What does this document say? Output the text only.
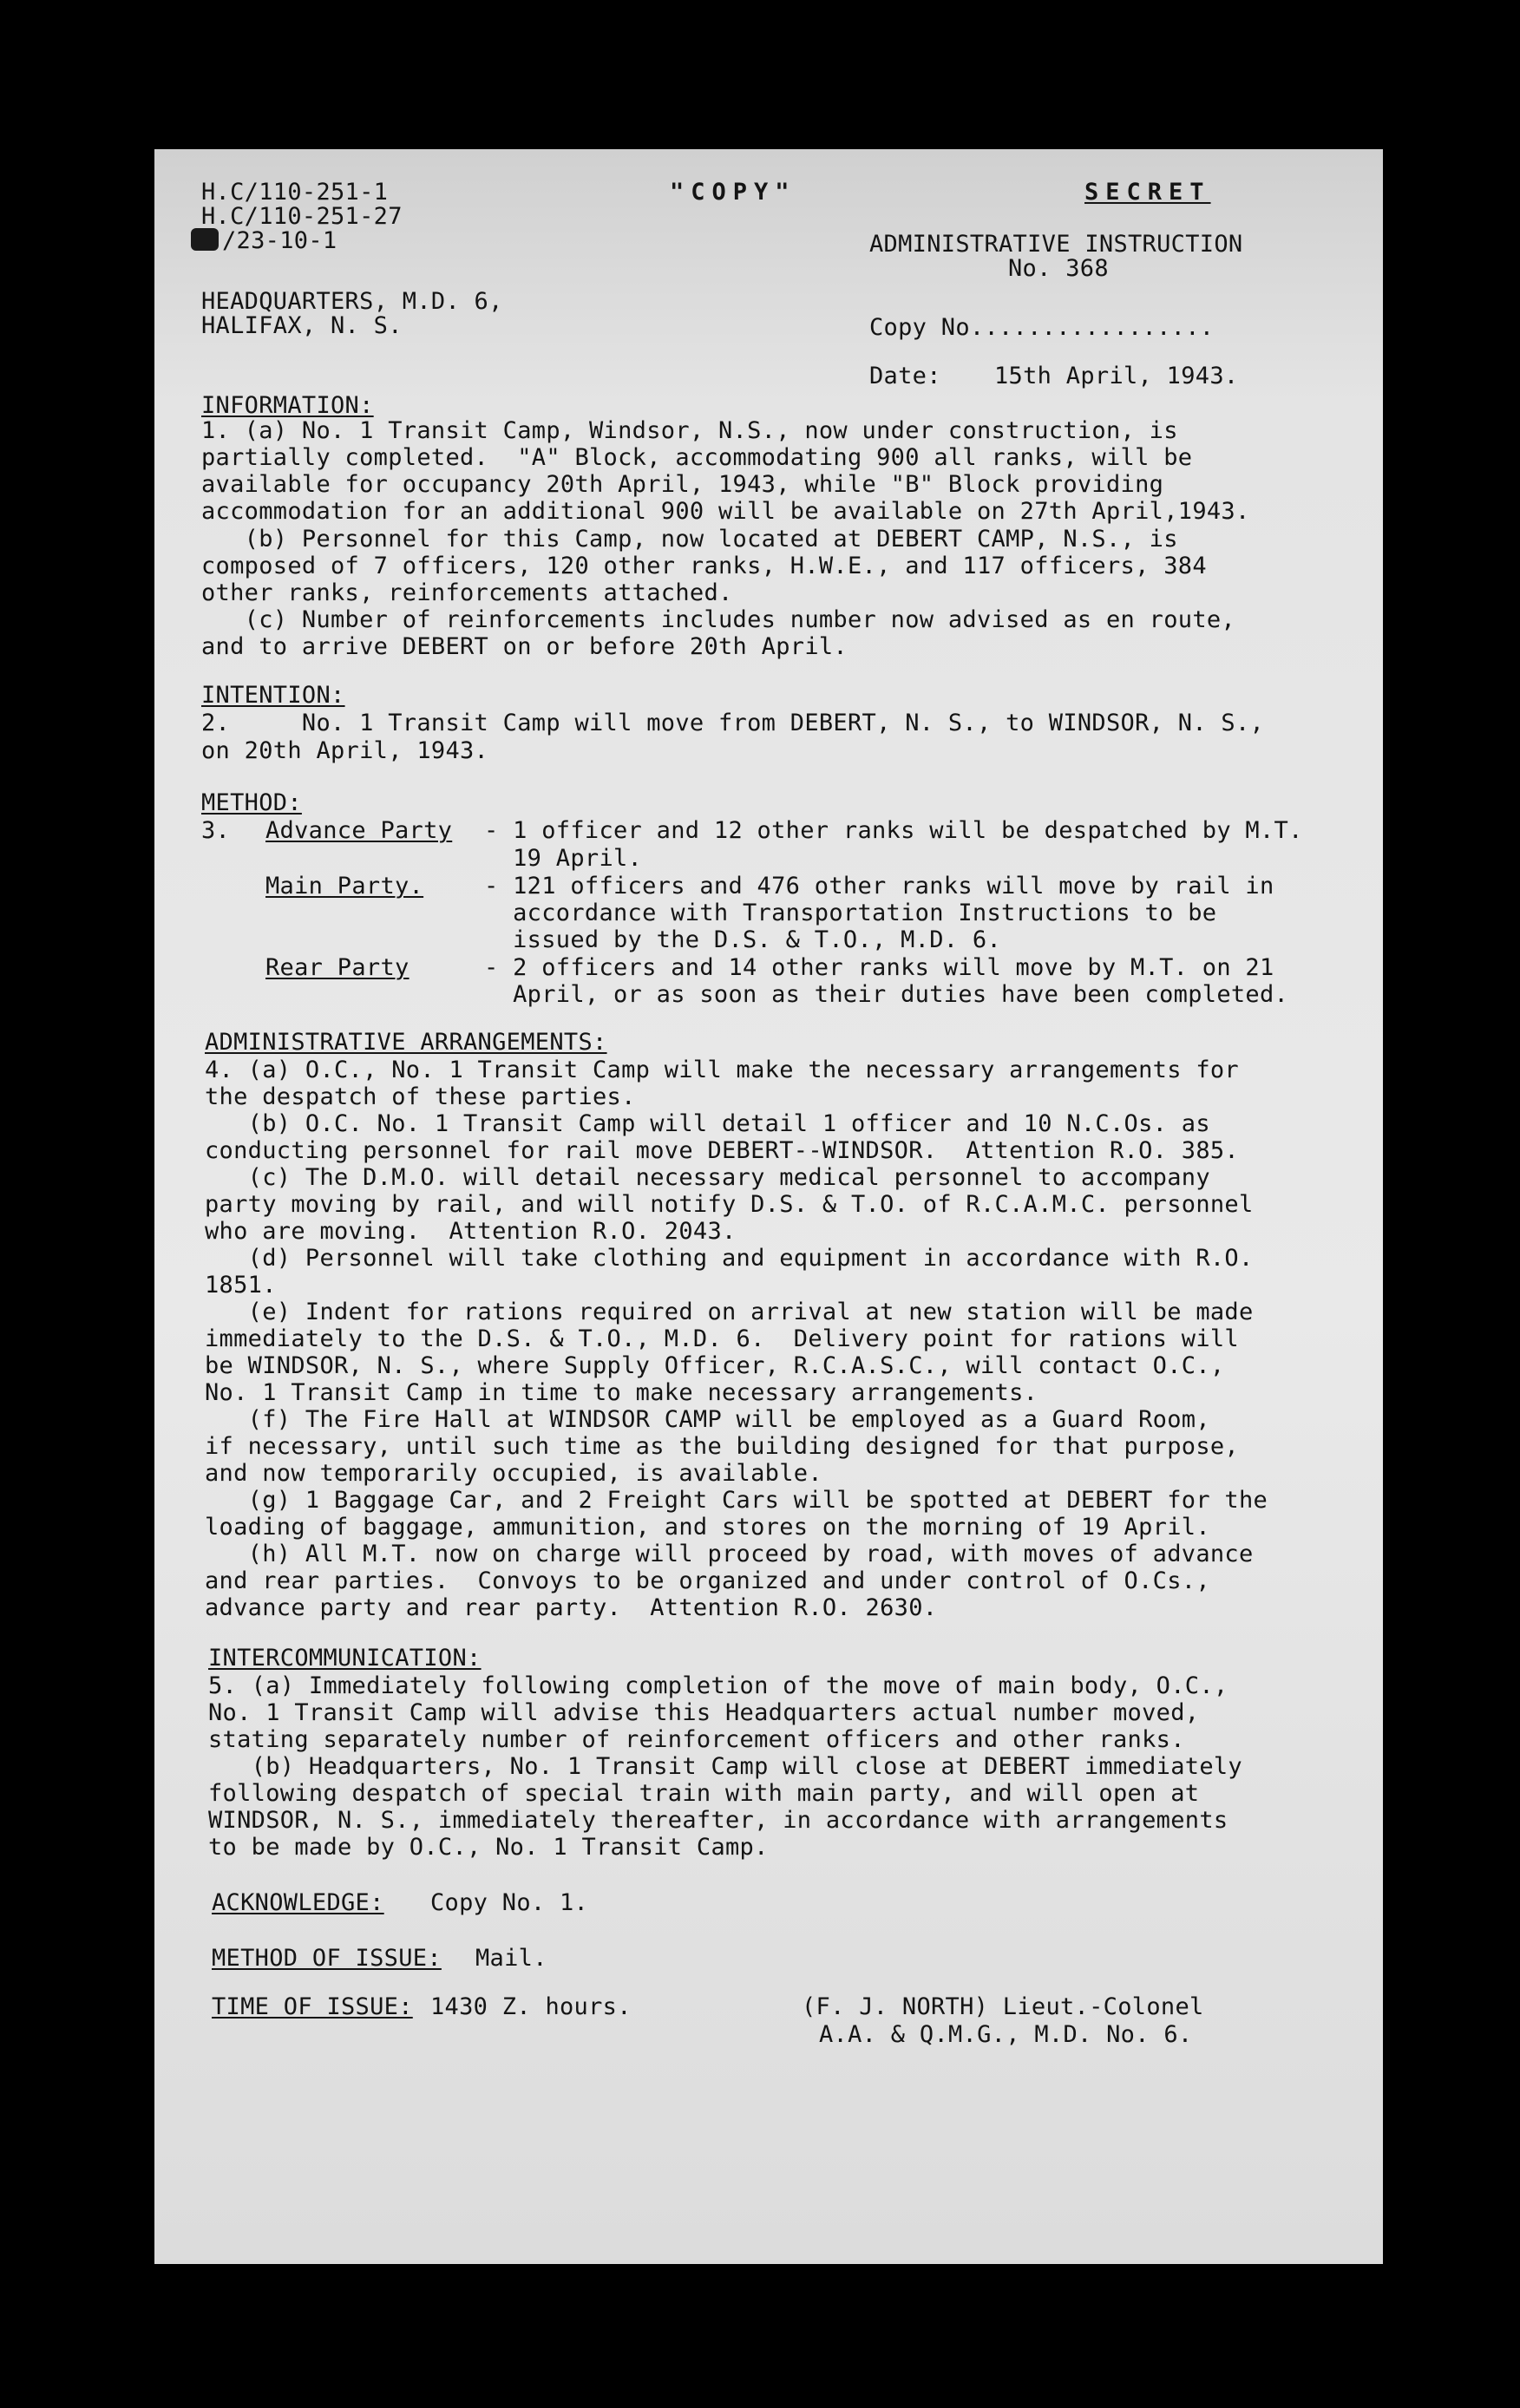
H.C/110-251-1
H.C/110-251-27
/23-10-1
"COPY"	SECRET
ADMINISTRATIVE INSTRUCTION
No. 368
HEADQUARTERS, M.D. 6,
HALIFAX, N. S.	Copy No.................
Date: 15th April, 1943.
INFORMATION:
1. (a) No. 1 Transit Camp, Windsor, N.S., now under construction, is
partially completed.  "A" Block, accommodating 900 all ranks, will be
available for occupancy 20th April, 1943, while "B" Block providing
accommodation for an additional 900 will be available on 27th April,1943.
(b) Personnel for this Camp, now located at DEBERT CAMP, N.S., is
composed of 7 officers, 120 other ranks, H.W.E., and 117 officers, 384
other ranks, reinforcements attached.
(c) Number of reinforcements includes number now advised as en route,
and to arrive DEBERT on or before 20th April.
INTENTION:
2.     No. 1 Transit Camp will move from DEBERT, N. S., to WINDSOR, N. S.,
on 20th April, 1943.
METHOD:
3. Advance Party - 1 officer and 12 other ranks will be despatched by M.T.
19 April.
Main Party.	- 121 officers and 476 other ranks will move by rail in
accordance with Transportation Instructions to be
issued by the D.S. & T.O., M.D. 6.
Rear Party	- 2 officers and 14 other ranks will move by M.T. on 21
April, or as soon as their duties have been completed.
ADMINISTRATIVE ARRANGEMENTS:
4. (a) O.C., No. 1 Transit Camp will make the necessary arrangements for
the despatch of these parties.
(b) O.C. No. 1 Transit Camp will detail 1 officer and 10 N.C.Os. as
conducting personnel for rail move DEBERT--WINDSOR.  Attention R.O. 385.
(c) The D.M.O. will detail necessary medical personnel to accompany
party moving by rail, and will notify D.S. & T.O. of R.C.A.M.C. personnel
who are moving.  Attention R.O. 2043.
(d) Personnel will take clothing and equipment in accordance with R.O.
1851.
(e) Indent for rations required on arrival at new station will be made
immediately to the D.S. & T.O., M.D. 6.  Delivery point for rations will
be WINDSOR, N. S., where Supply Officer, R.C.A.S.C., will contact O.C.,
No. 1 Transit Camp in time to make necessary arrangements.
(f) The Fire Hall at WINDSOR CAMP will be employed as a Guard Room,
if necessary, until such time as the building designed for that purpose,
and now temporarily occupied, is available.
(g) 1 Baggage Car, and 2 Freight Cars will be spotted at DEBERT for the
loading of baggage, ammunition, and stores on the morning of 19 April.
(h) All M.T. now on charge will proceed by road, with moves of advance
and rear parties.  Convoys to be organized and under control of O.Cs.,
advance party and rear party.  Attention R.O. 2630.
INTERCOMMUNICATION:
5. (a) Immediately following completion of the move of main body, O.C.,
No. 1 Transit Camp will advise this Headquarters actual number moved,
stating separately number of reinforcement officers and other ranks.
(b) Headquarters, No. 1 Transit Camp will close at DEBERT immediately
following despatch of special train with main party, and will open at
WINDSOR, N. S., immediately thereafter, in accordance with arrangements
to be made by O.C., No. 1 Transit Camp.
ACKNOWLEDGE: Copy No. 1.
METHOD OF ISSUE: Mail.
TIME OF ISSUE: 1430 Z. hours.	(F. J. NORTH) Lieut.-Colonel
A.A. & Q.M.G., M.D. No. 6.
